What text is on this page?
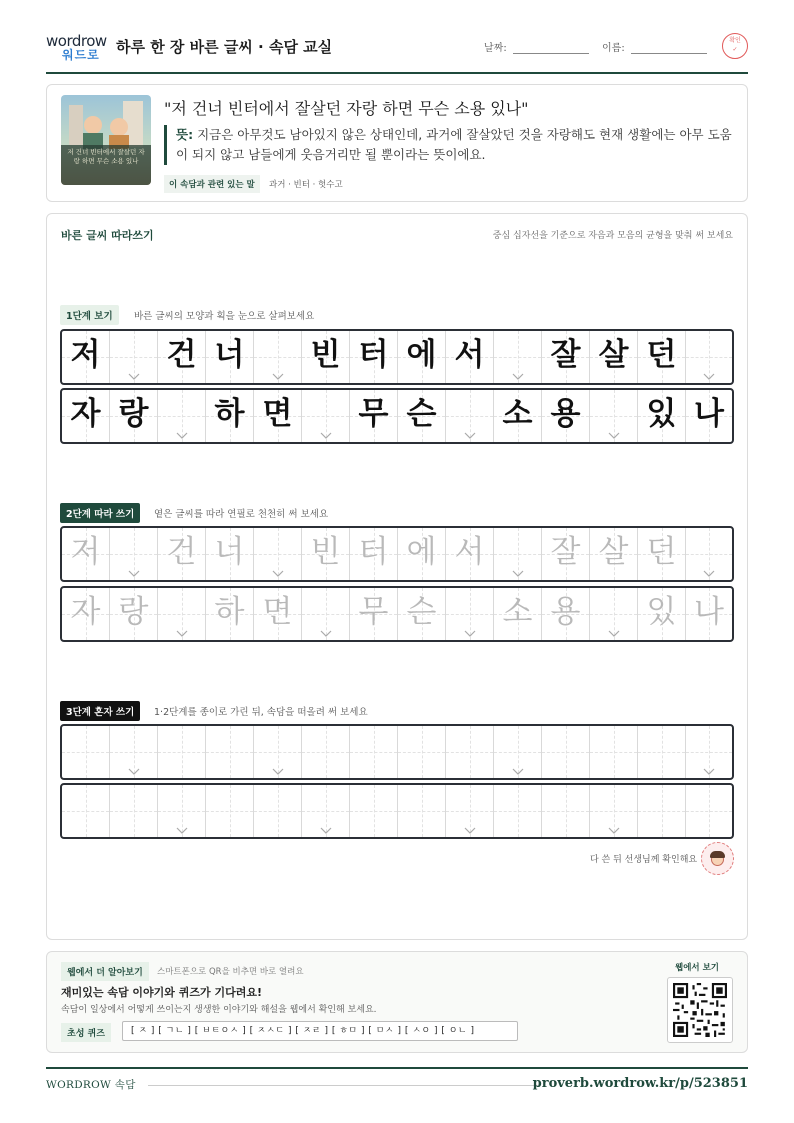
wordrow
워드로 하루 한 장 바른 글씨 · 속담 교실	날짜:	이름:
확인
✓
저 건너 빈터에서 잘살던 자랑 하면 무슨 소용 있나
"저 건너 빈터에서 잘살던 자랑 하면 무슨 소용 있나"
뜻: 지금은 아무것도 남아있지 않은 상태인데, 과거에 잘살았던 것을 자랑해도 현재 생활에는 아무 도움이 되지 않고 남들에게 웃음거리만 될 뿐이라는 뜻이에요.
이 속담과 관련 있는 말	과거 · 빈터 · 헛수고
바른 글씨 따라쓰기	중심 십자선을 기준으로 자음과 모음의 균형을 맞춰 써 보세요
1단계 보기	바른 글씨의 모양과 획을 눈으로 살펴보세요
저 건 너 빈 터 에 서 잘 살 던
자 랑 하 면 무 슨 소 용 있 나
2단계 따라 쓰기	옅은 글씨를 따라 연필로 천천히 써 보세요
저 건 너 빈 터 에 서 잘 살 던
자 랑 하 면 무 슨 소 용 있 나
3단계 혼자 쓰기	1·2단계를 종이로 가린 뒤, 속담을 떠올려 써 보세요
다 쓴 뒤 선생님께 확인해요
웹에서 더 알아보기	스마트폰으로 QR을 비추면 바로 열려요
재미있는 속담 이야기와 퀴즈가 기다려요!
속담이 일상에서 어떻게 쓰이는지 생생한 이야기와 해설을 웹에서 확인해 보세요.
초성 퀴즈	[ ㅈ ] [ ㄱㄴ ] [ ㅂㅌㅇㅅ ] [ ㅈㅅㄷ ] [ ㅈㄹ ] [ ㅎㅁ ] [ ㅁㅅ ] [ ㅅㅇ ] [ ㅇㄴ ]
웹에서 보기
WORDROW 속담	proverb.wordrow.kr/p/523851
